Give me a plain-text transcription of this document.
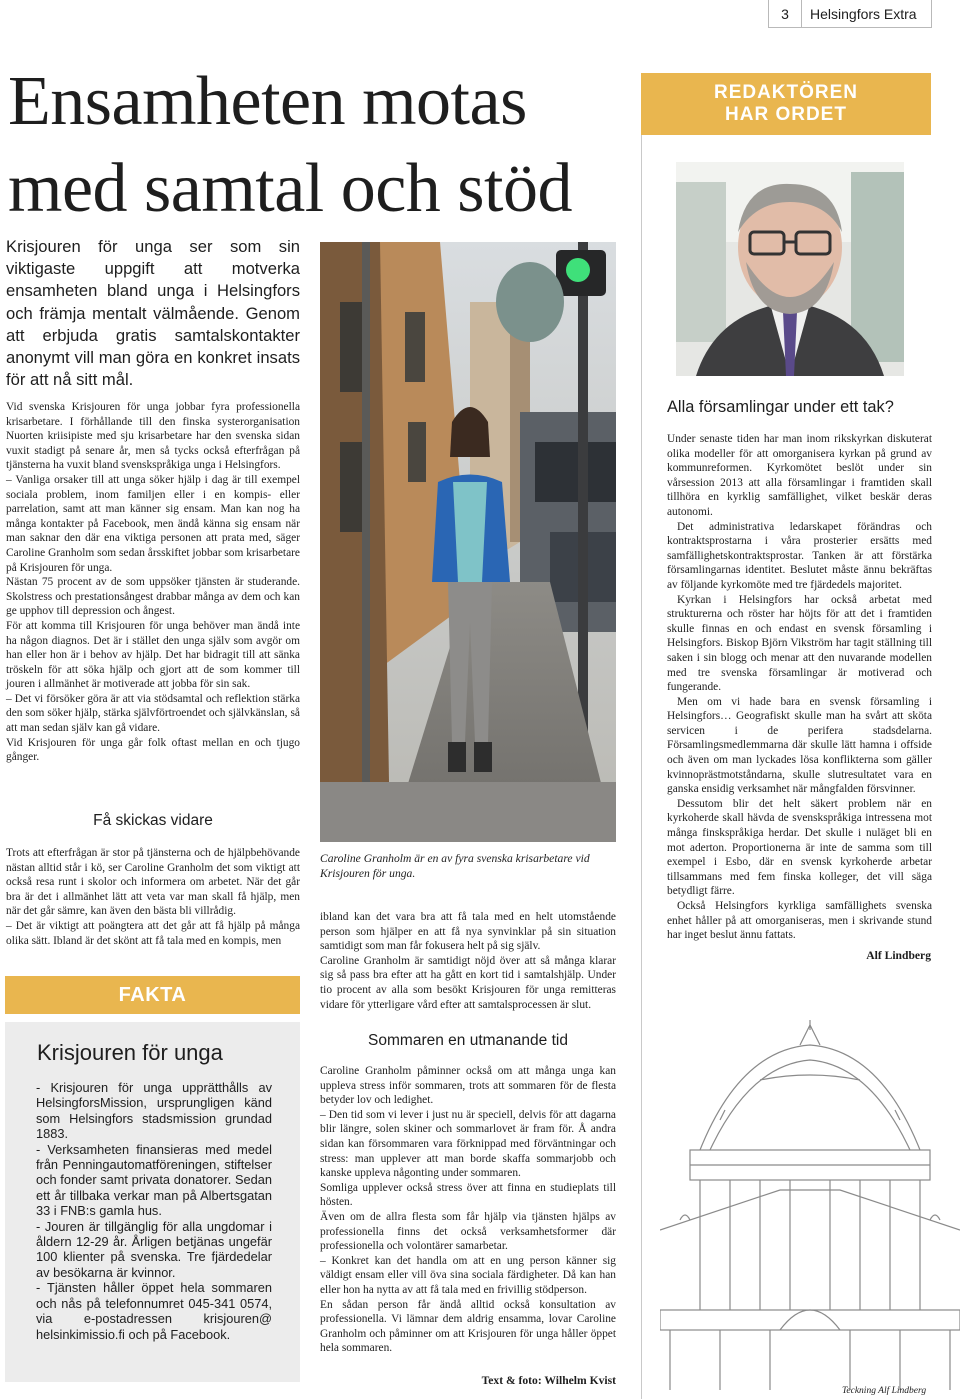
3	Helsingfors Extra
Ensamheten motas
med samtal och stöd
Krisjouren för unga ser som sin viktigaste uppgift att motverka ensamheten bland unga i Helsingfors och främja mentalt välmående. Genom att erbjuda gratis samtalskontakter anonymt vill man göra en konkret insats för att nå sitt mål.

Vid svenska Krisjouren för unga jobbar fyra professionella krisarbetare. I förhållande till den finska systerorganisation Nuorten kriisipiste med sju krisarbetare har den svenska sidan vuxit stadigt på senare år, men så tycks också efterfrågan på tjänsterna ha vuxit bland svenskspråkiga unga i Helsingfors.

– Vanliga orsaker till att unga söker hjälp i dag är till exempel sociala problem, inom familjen eller i en kompis- eller parrelation, samt att man känner sig ensam. Man kan nog ha många kontakter på Facebook, men ändå känna sig ensam när man saknar den där ena viktiga personen att prata med, säger Caroline Granholm som sedan årsskiftet jobbar som krisarbetare på Krisjouren för unga.

Nästan 75 procent av de som uppsöker tjänsten är studerande. Skolstress och prestationsångest drabbar många av dem och kan ge upphov till depression och ångest.

För att komma till Krisjouren för unga behöver man ändå inte ha någon diagnos. Det är i stället den unga själv som avgör om han eller hon är i behov av hjälp. Det har bidragit till att sänka tröskeln för att söka hjälp och gjort att de som kommer till jouren i allmänhet är motiverade att jobba för sin sak.

– Det vi försöker göra är att via stödsamtal och reflektion stärka den som söker hjälp, stärka självförtroendet och självkänslan, så att man sedan själv kan gå vidare.

Vid Krisjouren för unga går folk oftast mellan en och tjugo gånger.

Få skickas vidare

Trots att efterfrågan är stor på tjänsterna och de hjälpbehövande nästan alltid står i kö, ser Caroline Granholm det som viktigt att också resa runt i skolor och informera om arbetet. När det går bra är det i allmänhet lätt att veta var man skall få hjälp, men när det går sämre, kan även den bästa bli villrådig.

– Det är viktigt att poängtera att det går att få hjälp på många olika sätt. Ibland är det skönt att få tala med en kompis, men

Caroline Granholm är en av fyra svenska krisarbetare vid Krisjouren för unga.

ibland kan det vara bra att få tala med en helt utomstående person som hjälper en att få nya synvinklar på sin situation samtidigt som man får fokusera helt på sig själv.

Caroline Granholm är samtidigt nöjd över att så många klarar sig så pass bra efter att ha gått en kort tid i samtalshjälp. Under tio procent av alla som besökt Krisjouren för unga remitteras vidare för ytterligare vård efter att samtalsprocessen är slut.

Sommaren en utmanande tid

Caroline Granholm påminner också om att många unga kan uppleva stress inför sommaren, trots att sommaren för de flesta betyder lov och ledighet.

– Den tid som vi lever i just nu är speciell, delvis för att dagarna blir längre, solen skiner och sommarlovet är fram för. Å andra sidan kan försommaren vara förknippad med förväntningar och stress: man upplever att man borde skaffa sommarjobb och kanske uppleva någonting under sommaren.

Somliga upplever också stress över att finna en studieplats till hösten.

Även om de allra flesta som får hjälp via tjänsten hjälps av professionella finns det också verksamhetsformer där professionella och volontärer samarbetar.

– Konkret kan det handla om att en ung person känner sig väldigt ensam eller vill öva sina sociala färdigheter. Då kan han eller hon ha nytta av att få tala med en frivillig stödperson.

En sådan person får ändå alltid också konsultation av professionella. Vi lämnar dem aldrig ensamma, lovar Caroline Granholm och påminner om att Krisjouren för unga håller öppet hela sommaren.

Text & foto: Wilhelm Kvist
FAKTA
Krisjouren för unga
- Krisjouren för unga upprätthålls av HelsingforsMission, ursprungligen känd som Helsingfors stadsmission grundad 1883.
- Verksamheten finansieras med medel från Penningautomatföreningen, stiftelser och fonder samt privata donatorer. Sedan ett år tillbaka verkar man på Albertsgatan 33 i FNB:s gamla hus.
- Jouren är tillgänglig för alla ungdomar i åldern 12-29 år. Årligen betjänas ungefär 100 klienter på svenska. Tre fjärdedelar av besökarna är kvinnor.
- Tjänsten håller öppet hela sommaren och nås på telefonnumret 045-341 0574, via e-postadressen krisjouren@ helsinkimissio.fi och på Facebook.
REDAKTÖREN
HAR ORDET
Alla församlingar under ett tak?

Under senaste tiden har man inom rikskyrkan diskuterat olika modeller för att omorganisera kyrkan på grund av kommunreformen. Kyrkomötet beslöt under sin vårsession 2013 att alla församlingar i framtiden skall tillhöra en kyrklig samfällighet, vilket beskär deras autonomi.

Det administrativa ledarskapet förändras och kontraktsprostarna i våra prosterier ersätts med samfällighetskontraktsprostar. Tanken är att förstärka församlingarnas identitet. Beslutet måste ännu bekräftas av följande kyrkomöte med tre fjärdedels majoritet.

Kyrkan i Helsingfors har också arbetat med strukturerna och röster har höjts för att det i framtiden skulle finnas en och endast en svensk församling i Helsingfors. Biskop Björn Vikström har tagit ställning till saken i sin blogg och menar att den nuvarande modellen med tre svenska församlingar är motiverad och fungerande.

Men om vi hade bara en svensk församling i Helsingfors… Geografiskt skulle man ha svårt att sköta servicen i de perifera stadsdelarna. Församlingsmedlemmarna där skulle lätt hamna i offside och även om man lyckades lösa konflikterna som gäller kvinnoprästmotståndarna, skulle slutresultatet vara en ganska ensidig verksamhet när mångfalden försvinner.

Dessutom blir det helt säkert problem när en kyrkoherde skall hävda de svenskspråkiga intressena mot många finskspråkiga herdar. Det skulle i nuläget bli en mot aderton. Proportionerna är inte de samma som till exempel i Esbo, där en svensk kyrkoherde arbetar tillsammans med fem finska kolleger, det vill säga betydligt färre.

Också Helsingfors kyrkliga samfällighets svenska enhet håller på att omorganiseras, men i skrivande stund har inget beslut ännu fattats.

Alf Lindberg
Teckning Alf Lindberg
